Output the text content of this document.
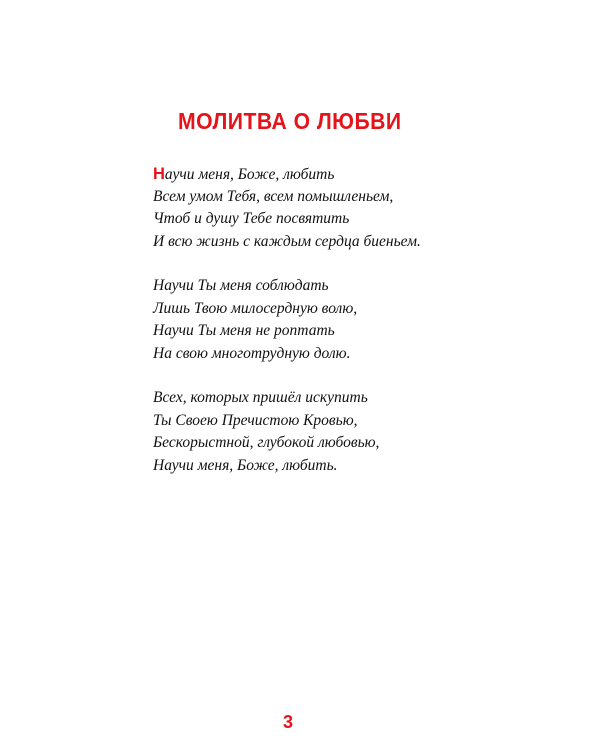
МОЛИТВА О ЛЮБВИ
Научи меня, Боже, любить
Всем умом Тебя, всем помышленьем,
Чтоб и душу Тебе посвятить
И всю жизнь с каждым сердца биеньем.
Научи Ты меня соблюдать
Лишь Твою милосердную волю,
Научи Ты меня не роптать
На свою многотрудную долю.
Всех, которых пришёл искупить
Ты Своею Пречистою Кровью,
Бескорыстной, глубокой любовью,
Научи меня, Боже, любить.
3
